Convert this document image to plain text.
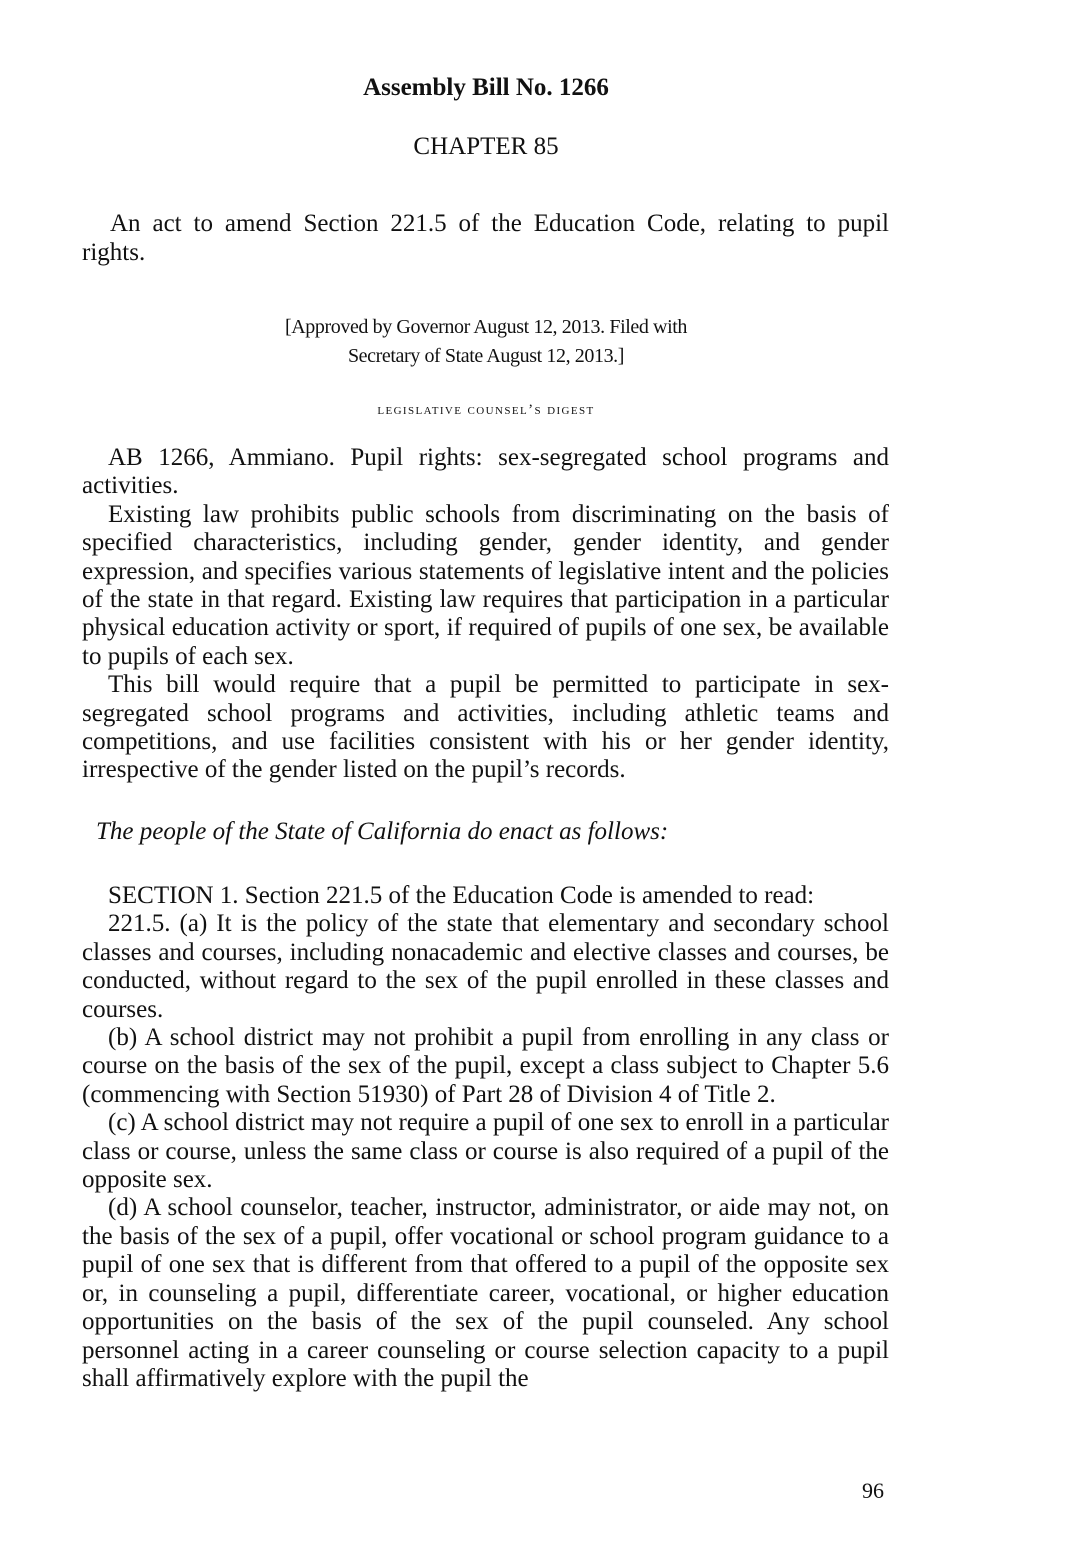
Assembly Bill No. 1266
CHAPTER 85
An act to amend Section 221.5 of the Education Code, relating to pupil rights.
[Approved by Governor August 12, 2013. Filed with
Secretary of State August 12, 2013.]
legislative counsel’s digest

AB 1266, Ammiano. Pupil rights: sex-segregated school programs and activities.

Existing law prohibits public schools from discriminating on the basis of specified characteristics, including gender, gender identity, and gender expression, and specifies various statements of legislative intent and the policies of the state in that regard. Existing law requires that participation in a particular physical education activity or sport, if required of pupils of one sex, be available to pupils of each sex.

This bill would require that a pupil be permitted to participate in sex-segregated school programs and activities, including athletic teams and competitions, and use facilities consistent with his or her gender identity, irrespective of the gender listed on the pupil’s records.

The people of the State of California do enact as follows:

SECTION 1. Section 221.5 of the Education Code is amended to read:

221.5. (a) It is the policy of the state that elementary and secondary school classes and courses, including nonacademic and elective classes and courses, be conducted, without regard to the sex of the pupil enrolled in these classes and courses.

(b) A school district may not prohibit a pupil from enrolling in any class or course on the basis of the sex of the pupil, except a class subject to Chapter 5.6 (commencing with Section 51930) of Part 28 of Division 4 of Title 2.

(c) A school district may not require a pupil of one sex to enroll in a particular class or course, unless the same class or course is also required of a pupil of the opposite sex.

(d) A school counselor, teacher, instructor, administrator, or aide may not, on the basis of the sex of a pupil, offer vocational or school program guidance to a pupil of one sex that is different from that offered to a pupil of the opposite sex or, in counseling a pupil, differentiate career, vocational, or higher education opportunities on the basis of the sex of the pupil counseled. Any school personnel acting in a career counseling or course selection capacity to a pupil shall affirmatively explore with the pupil the

96
